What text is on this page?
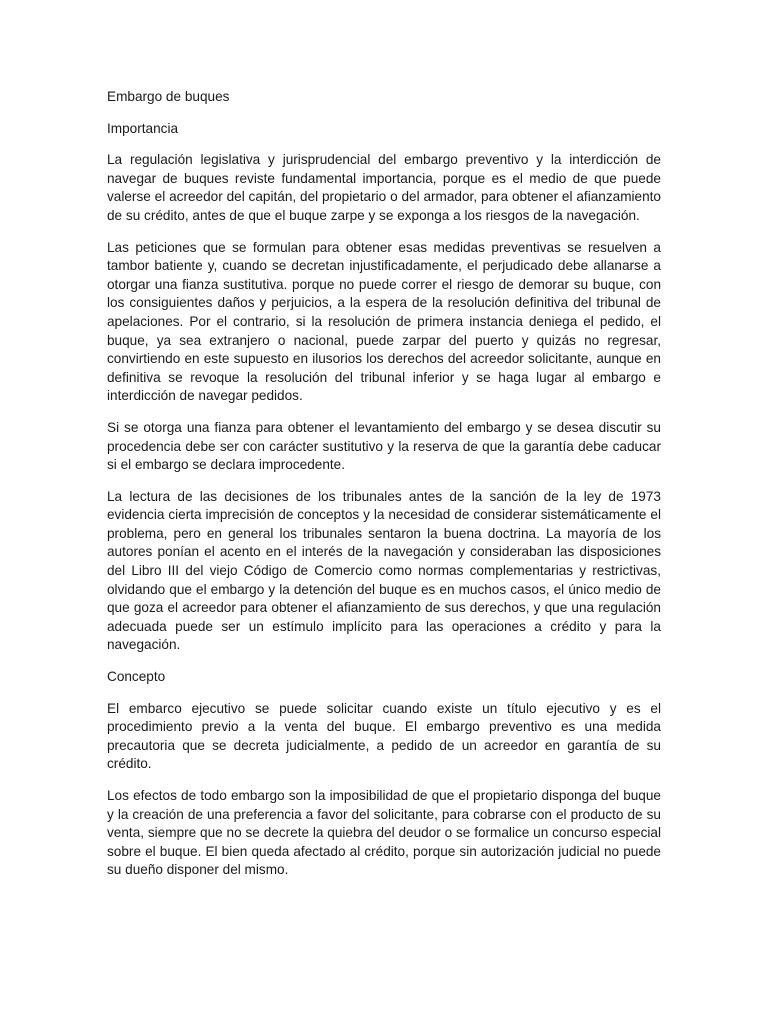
Embargo de buques

Importancia

La regulación legislativa y jurisprudencial del embargo preventivo y la interdicción de navegar de buques reviste fundamental importancia, porque es el medio de que puede valerse el acreedor del capitán, del propietario o del armador, para obtener el afianzamiento de su crédito, antes de que el buque zarpe y se exponga a los riesgos de la navegación.

Las peticiones que se formulan para obtener esas medidas preventivas se resuelven a tambor batiente y, cuando se decretan injustificadamente, el perjudicado debe allanarse a otorgar una fianza sustitutiva. porque no puede correr el riesgo de demorar su buque, con los consiguientes daños y perjuicios, a la espera de la resolución definitiva del tribunal de apelaciones. Por el contrario, si la resolución de primera instancia deniega el pedido, el buque, ya sea extranjero o nacional, puede zarpar del puerto y quizás no regresar, convirtiendo en este supuesto en ilusorios los derechos del acreedor solicitante, aunque en definitiva se revoque la resolución del tribunal inferior y se haga lugar al embargo e interdicción de navegar pedidos.

Si se otorga una fianza para obtener el levantamiento del embargo y se desea discutir su procedencia debe ser con carácter sustitutivo y la reserva de que la garantía debe caducar si el embargo se declara improcedente.

La lectura de las decisiones de los tribunales antes de la sanción de la ley de 1973 evidencia cierta imprecisión de conceptos y la necesidad de considerar sistemáticamente el problema, pero en general los tribunales sentaron la buena doctrina. La mayoría de los autores ponían el acento en el interés de la navegación y consideraban las disposiciones del Libro III del viejo Código de Comercio como normas complementarias y restrictivas, olvidando que el embargo y la detención del buque es en muchos casos, el único medio de que goza el acreedor para obtener el afianzamiento de sus derechos, y que una regulación adecuada puede ser un estímulo implícito para las operaciones a crédito y para la navegación.

Concepto

El embarco ejecutivo se puede solicitar cuando existe un título ejecutivo y es el procedimiento previo a la venta del buque. El embargo preventivo es una medida precautoria que se decreta judicialmente, a pedido de un acreedor en garantía de su crédito.

Los efectos de todo embargo son la imposibilidad de que el propietario disponga del buque y la creación de una preferencia a favor del solicitante, para cobrarse con el producto de su venta, siempre que no se decrete la quiebra del deudor o se formalice un concurso especial sobre el buque. El bien queda afectado al crédito, porque sin autorización judicial no puede su dueño disponer del mismo.
